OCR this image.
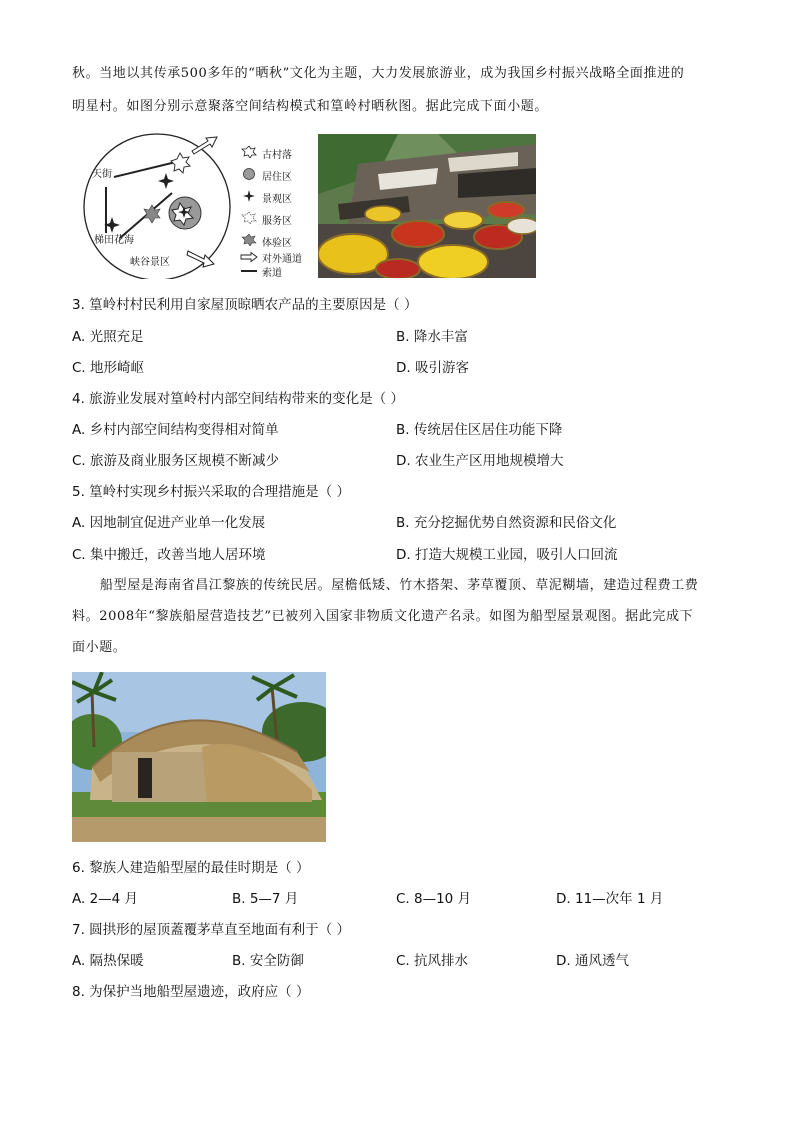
秋。当地以其传承500多年的“晒秋”文化为主题，大力发展旅游业，成为我国乡村振兴战略全面推进的
明星村。如图分别示意聚落空间结构模式和篁岭村晒秋图。据此完成下面小题。
天街
梯田花海
峡谷景区
古村落
居住区
景观区
服务区
体验区
对外通道
索道
3. 篁岭村村民利用自家屋顶晾晒农产品的主要原因是（ ）
A. 光照充足	B. 降水丰富
C. 地形崎岖	D. 吸引游客
4. 旅游业发展对篁岭村内部空间结构带来的变化是（ ）
A. 乡村内部空间结构变得相对简单	B. 传统居住区居住功能下降
C. 旅游及商业服务区规模不断减少	D. 农业生产区用地规模增大
5. 篁岭村实现乡村振兴采取的合理措施是（ ）
A. 因地制宜促进产业单一化发展	B. 充分挖掘优势自然资源和民俗文化
C. 集中搬迁，改善当地人居环境	D. 打造大规模工业园，吸引人口回流
船型屋是海南省昌江黎族的传统民居。屋檐低矮、竹木搭架、茅草覆顶、草泥糊墙，建造过程费工费
料。2008年“黎族船屋营造技艺”已被列入国家非物质文化遗产名录。如图为船型屋景观图。据此完成下
面小题。
6. 黎族人建造船型屋的最佳时期是（ ）
A. 2—4 月	B. 5—7 月	C. 8—10 月	D. 11—次年 1 月
7. 圆拱形的屋顶蓋覆茅草直至地面有利于（ ）
A. 隔热保暖	B. 安全防御	C. 抗风排水	D. 通风透气
8. 为保护当地船型屋遗迹，政府应（ ）
